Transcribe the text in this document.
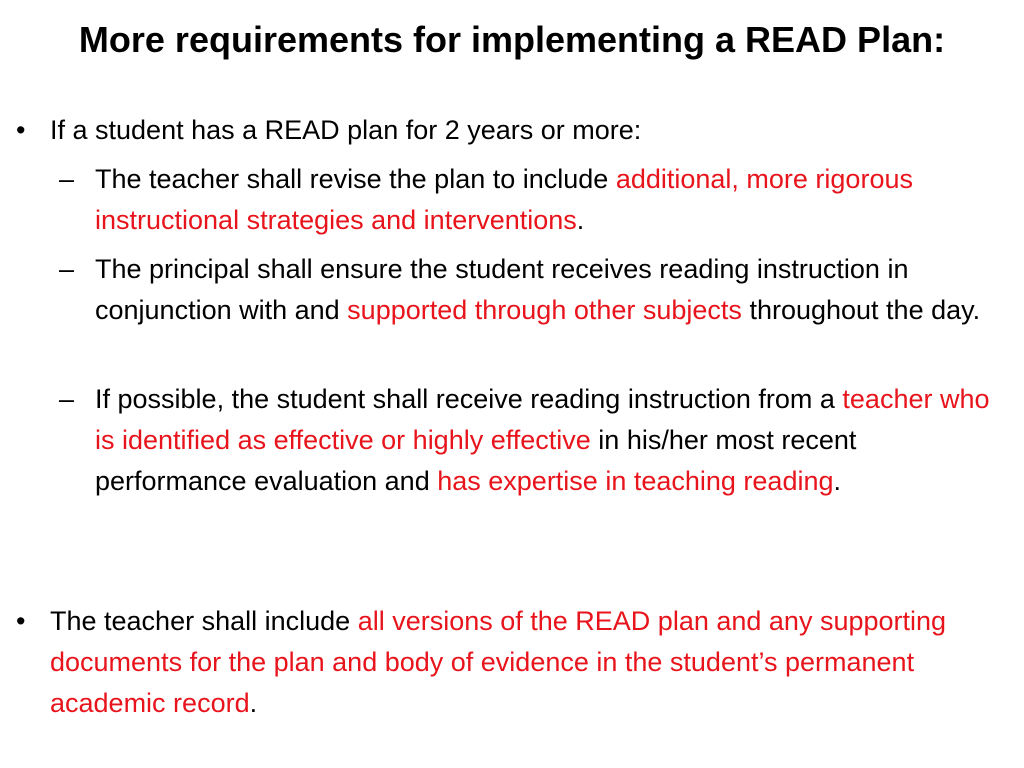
More requirements for implementing a READ Plan:
• If a student has a READ plan for 2 years or more:
– The teacher shall revise the plan to include additional, more rigorous instructional strategies and interventions.
– The principal shall ensure the student receives reading instruction in conjunction with and supported through other subjects throughout the day.
– If possible, the student shall receive reading instruction from a teacher who is identified as effective or highly effective in his/her most recent performance evaluation and has expertise in teaching reading.
• The teacher shall include all versions of the READ plan and any supporting documents for the plan and body of evidence in the student’s permanent academic record.
